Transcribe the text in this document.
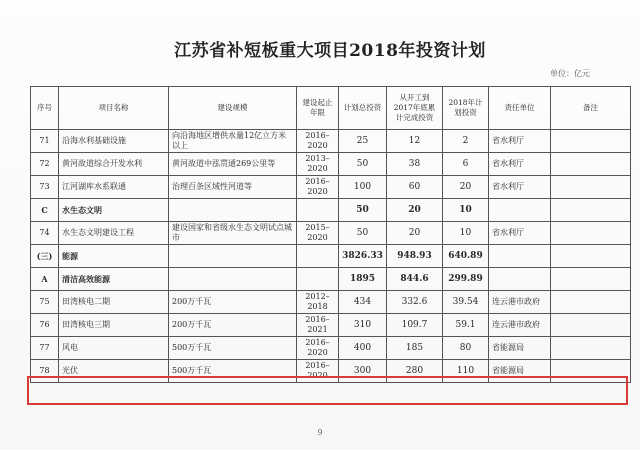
江苏省补短板重大项目2018年投资计划
单位：亿元
序号	项目名称	建设规模	建设起止年限	计划总投资	从开工到2017年底累计完成投资	2018年计划投资	责任单位	备注
71	沿海水利基础设施	向沿海地区增供水量12亿立方米以上	2016–2020	25	12	2	省水利厅	
72	黄河故道综合开发水利	黄河故道中泓贯通269公里等	2013–2020	50	38	6	省水利厅	
73	江河湖库水系联通	治理百条区域性河道等	2016–2020	100	60	20	省水利厅	
C	水生态文明			50	20	10		
74	水生态文明建设工程	建设国家和省级水生态文明试点城市	2015–2020	50	20	10	省水利厅	
(三)	能源			3826.33	948.93	640.89		
A	清洁高效能源			1895	844.6	299.89		
75	田湾核电二期	200万千瓦	2012–2018	434	332.6	39.54	连云港市政府	
76	田湾核电三期	200万千瓦	2016–2021	310	109.7	59.1	连云港市政府	
77	风电	500万千瓦	2016–2020	400	185	80	省能源局	
78	光伏	500万千瓦	2016–2020	300	280	110	省能源局	
9
